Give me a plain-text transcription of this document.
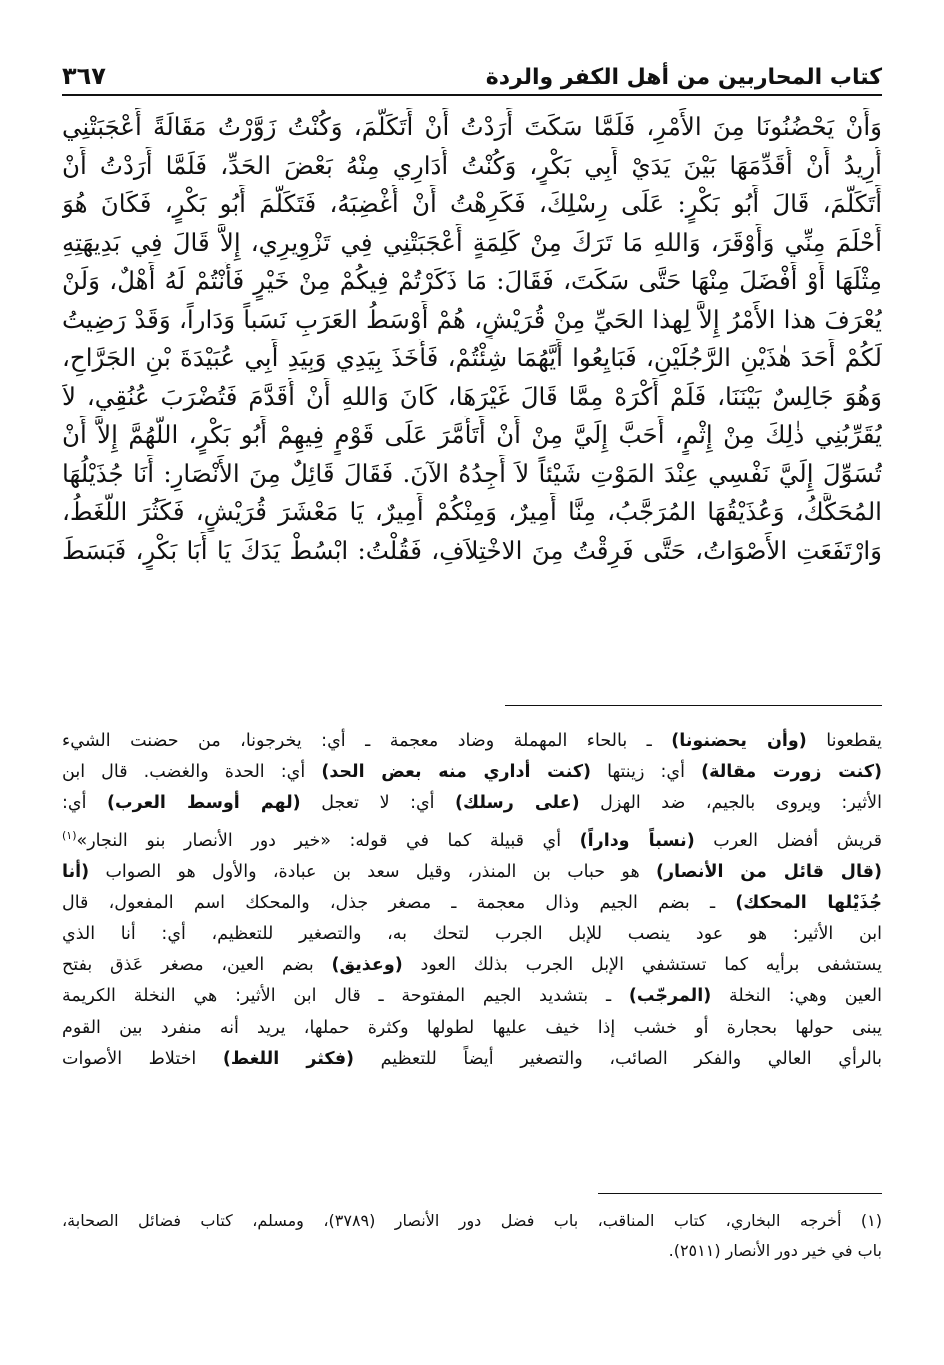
كتاب المحاربين من أهل الكفر والردة
٣٦٧
وَأَنْ يَحْضُنُونَا مِنَ الأَمْرِ، فَلَمَّا سَكَتَ أَرَدْتُ أَنْ أَتَكَلَّمَ، وَكُنْتُ زَوَّرْتُ مَقَالَةً أَعْجَبَتْنِي
أُرِيدُ أَنْ أُقَدِّمَهَا بَيْنَ يَدَيْ أَبِي بَكْرٍ، وَكُنْتُ أُدَارِي مِنْهُ بَعْضَ الحَدِّ، فَلَمَّا أَرَدْتُ أَنْ
أَتَكَلَّمَ، قَالَ أَبُو بَكْرٍ: عَلَى رِسْلِكَ، فَكَرِهْتُ أَنْ أُغْضِبَهُ، فَتَكَلَّمَ أَبُو بَكْرٍ، فَكَانَ هُوَ
أَحْلَمَ مِنِّي وَأَوْقَرَ، وَاللهِ مَا تَرَكَ مِنْ كَلِمَةٍ أَعْجَبَتْنِي فِي تَزْوِيرِي، إِلاَّ قَالَ فِي بَدِيهَتِهِ
مِثْلَهَا أَوْ أَفْضَلَ مِنْهَا حَتَّى سَكَتَ، فَقَالَ: مَا ذَكَرْتُمْ فِيكُمْ مِنْ خَيْرٍ فَأَنْتُمْ لَهُ أَهْلٌ، وَلَنْ
يُعْرَفَ هذا الأَمْرُ إِلاَّ لِهذا الحَيِّ مِنْ قُرَيْشٍ، هُمْ أَوْسَطُ العَرَبِ نَسَباً وَدَاراً، وَقَدْ رَضِيتُ
لَكُمْ أَحَدَ هٰذَيْنِ الرَّجُلَيْنِ، فَبَايِعُوا أَيَّهُمَا شِئْتُمْ، فَأَخَذَ بِيَدِي وَبِيَدِ أَبِي عُبَيْدَةَ بْنِ الجَرَّاحِ،
وَهُوَ جَالِسٌ بَيْنَنَا، فَلَمْ أَكْرَهْ مِمَّا قَالَ غَيْرَهَا، كَانَ وَاللهِ أَنْ أُقَدَّمَ فَتُضْرَبَ عُنُقِي، لاَ
يُقَرِّبُنِي ذٰلِكَ مِنْ إِثْمٍ، أَحَبَّ إِلَيَّ مِنْ أَنْ أَتَأَمَّرَ عَلَى قَوْمٍ فِيهِمْ أَبُو بَكْرٍ، اللَّهُمَّ إِلاَّ أَنْ
تُسَوِّلَ إِلَيَّ نَفْسِي عِنْدَ المَوْتِ شَيْئاً لاَ أَجِدُهُ الآنَ. فَقَالَ قَائِلٌ مِنَ الأَنْصَارِ: أَنَا جُذَيْلُهَا
المُحَكَّكُ، وَعُذَيْقُهَا المُرَجَّبُ، مِنَّا أَمِيرٌ، وَمِنْكُمْ أَمِيرٌ، يَا مَعْشَرَ قُرَيْشٍ، فَكَثُرَ اللَّغَطُ،
وَارْتَفَعَتِ الأَصْوَاتُ، حَتَّى فَرِقْتُ مِنَ الاخْتِلاَفِ، فَقُلْتُ: ابْسُطْ يَدَكَ يَا أَبَا بَكْرٍ، فَبَسَطَ
يقطعونا (وأن يحضنونا) ـ بالحاء المهملة وضاد معجمة ـ أي: يخرجونا، من حضنت الشيء
(كنت زورت مقالة) أي: زينتها (كنت أداري منه بعض الحد) أي: الحدة والغضب. قال ابن
الأثير: ويروى بالجيم، ضد الهزل (على رسلك) أي: لا تعجل (لهم أوسط العرب) أي:
قريش أفضل العرب (نسباً وداراً) أي قبيلة كما في قوله: «خير دور الأنصار بنو النجار»$^{(١)}$
(قال قائل من الأنصار) هو حباب بن المنذر، وقيل سعد بن عبادة، والأول هو الصواب (أنا
جُذَيْلها المحكك) ـ بضم الجيم وذال معجمة ـ مصغر جذل، والمحكك اسم المفعول، قال
ابن الأثير: هو عود ينصب للإبل الجرب لتحك به، والتصغير للتعظيم، أي: أنا الذي
يستشفى برأيه كما تستشفي الإبل الجرب بذلك العود (وعذيق) بضم العين، مصغر عَذق بفتح
العين وهي: النخلة (المرجّب) ـ بتشديد الجيم المفتوحة ـ قال ابن الأثير: هي النخلة الكريمة
يبنى حولها بحجارة أو خشب إذا خيف عليها لطولها وكثرة حملها، يريد أنه منفرد بين القوم
بالرأي العالي والفكر الصائب، والتصغير أيضاً للتعظيم (فكثر اللغط) اختلاط الأصوات
(١) أخرجه البخاري، كتاب المناقب، باب فضل دور الأنصار (٣٧٨٩)، ومسلم، كتاب فضائل الصحابة،
باب في خير دور الأنصار (٢٥١١).
